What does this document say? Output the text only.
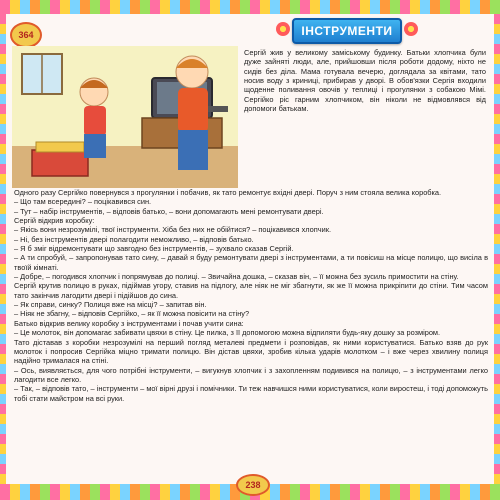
364	ІНСТРУМЕНТИ

Сергій жив у великому заміському будинку. Батьки хлопчика були дуже зайняті люди, але, прийшовши після роботи додому, ніхто не сидів без діла. Мама готувала вечерю, доглядала за квітами, тато носив воду з криниці, прибирав у дворі. В обов'язки Сергія входили щоденне поливання овочів у теплиці і прогулянки з собакою Мімі. Сергійко ріс гарним хлопчиком, він ніколи не відмовлявся від допомоги батькам.

Одного разу Сергійко повернувся з прогулянки і побачив, як тато ремонтує вхідні двері. Поруч з ним стояла велика коробка.

– Що там всередині? – поцікавився син.

– Тут – набір інструментів, – відповів батько, – вони допомагають мені ремонтувати двері.

Сергій відкрив коробку:

– Якісь вони незрозумілі, твої інструменти. Хіба без них не обійтися? – поцікавився хлопчик.

– Ні, без інструментів двері полагодити неможливо, – відповів батько.

– Я б зміг відремонтувати що завгодно без інструментів, – зухвало сказав Сергій.

– А ти спробуй, – запропонував тато сину, – давай я буду ремонтувати двері з інструментами, а ти повісиш на місце полицю, що висіла в твоїй кімнаті.

– Добре, – погодився хлопчик і попрямував до полиці. – Звичайна дошка, – сказав він, – її можна без зусиль примостити на стіну.

Сергій крутив полицю в руках, підіймав угору, ставив на підлогу, але ніяк не міг збагнути, як же її можна прикріпити до стіни. Тим часом тато закінчив лагодити двері і підійшов до сина.

– Як справи, синку? Полиця вже на місці? – запитав він.

– Ніяк не збагну, – відповів Сергійко, – як її можна повісити на стіну?

Батько відкрив велику коробку з інструментами і почав учити сина:

– Це молоток, він допомагає забивати цвяхи в стіну. Це пилка, з її допомогою можна відпиляти будь-яку дошку за розміром.

Тато діставав з коробки незрозумілі на перший погляд металеві предмети і розповідав, як ними користуватися. Батько взяв до рук молоток і попросив Сергійка міцно тримати полицю. Він дістав цвяхи, зробив кілька ударів молотком – і вже через хвилину полиця надійно трималася на стіні.

– Ось, виявляється, для чого потрібні інструменти, – вигукнув хлопчик і з захопленням подивився на полицю, – з інструментами легко лагодити все легко.

– Так, – відповів тато, – інструменти – мої вірні друзі і помічники. Ти теж навчишся ними користуватися, коли виростеш, і тоді допоможуть тобі стати майстром на всі руки.

238
